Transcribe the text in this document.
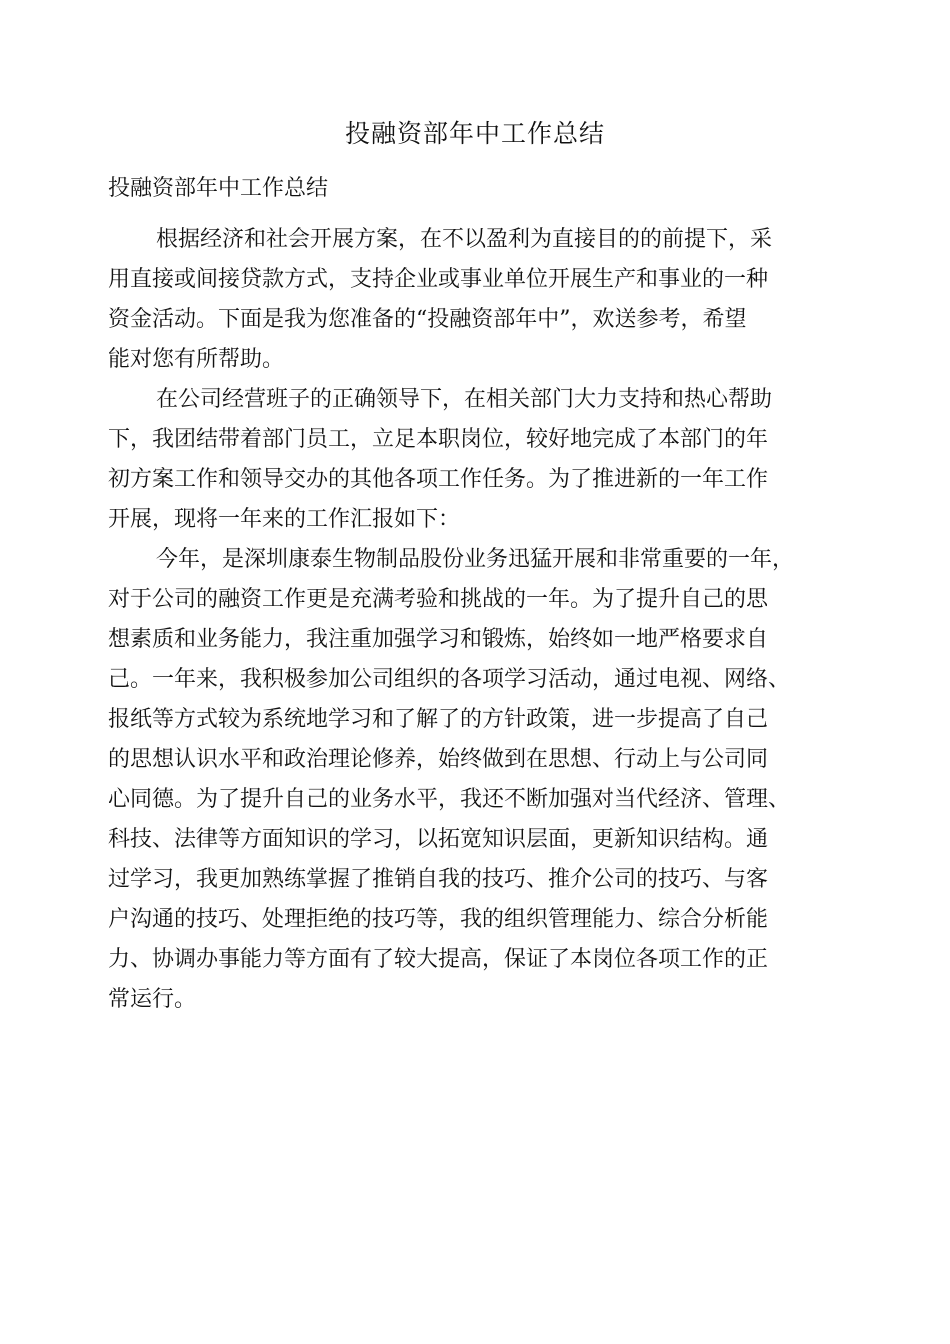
投融资部年中工作总结
投融资部年中工作总结

根据经济和社会开展方案，在不以盈利为直接目的的前提下，采
用直接或间接贷款方式，支持企业或事业单位开展生产和事业的一种
资金活动。下面是我为您准备的“投融资部年中”，欢送参考，希望
能对您有所帮助。

在公司经营班子的正确领导下，在相关部门大力支持和热心帮助
下，我团结带着部门员工，立足本职岗位，较好地完成了本部门的年
初方案工作和领导交办的其他各项工作任务。为了推进新的一年工作
开展，现将一年来的工作汇报如下：

今年，是深圳康泰生物制品股份业务迅猛开展和非常重要的一年，
对于公司的融资工作更是充满考验和挑战的一年。为了提升自己的思
想素质和业务能力，我注重加强学习和锻炼，始终如一地严格要求自
己。一年来，我积极参加公司组织的各项学习活动，通过电视、网络、
报纸等方式较为系统地学习和了解了的方针政策，进一步提高了自己
的思想认识水平和政治理论修养，始终做到在思想、行动上与公司同
心同德。为了提升自己的业务水平，我还不断加强对当代经济、管理、
科技、法律等方面知识的学习，以拓宽知识层面，更新知识结构。通
过学习，我更加熟练掌握了推销自我的技巧、推介公司的技巧、与客
户沟通的技巧、处理拒绝的技巧等，我的组织管理能力、综合分析能
力、协调办事能力等方面有了较大提高，保证了本岗位各项工作的正
常运行。
